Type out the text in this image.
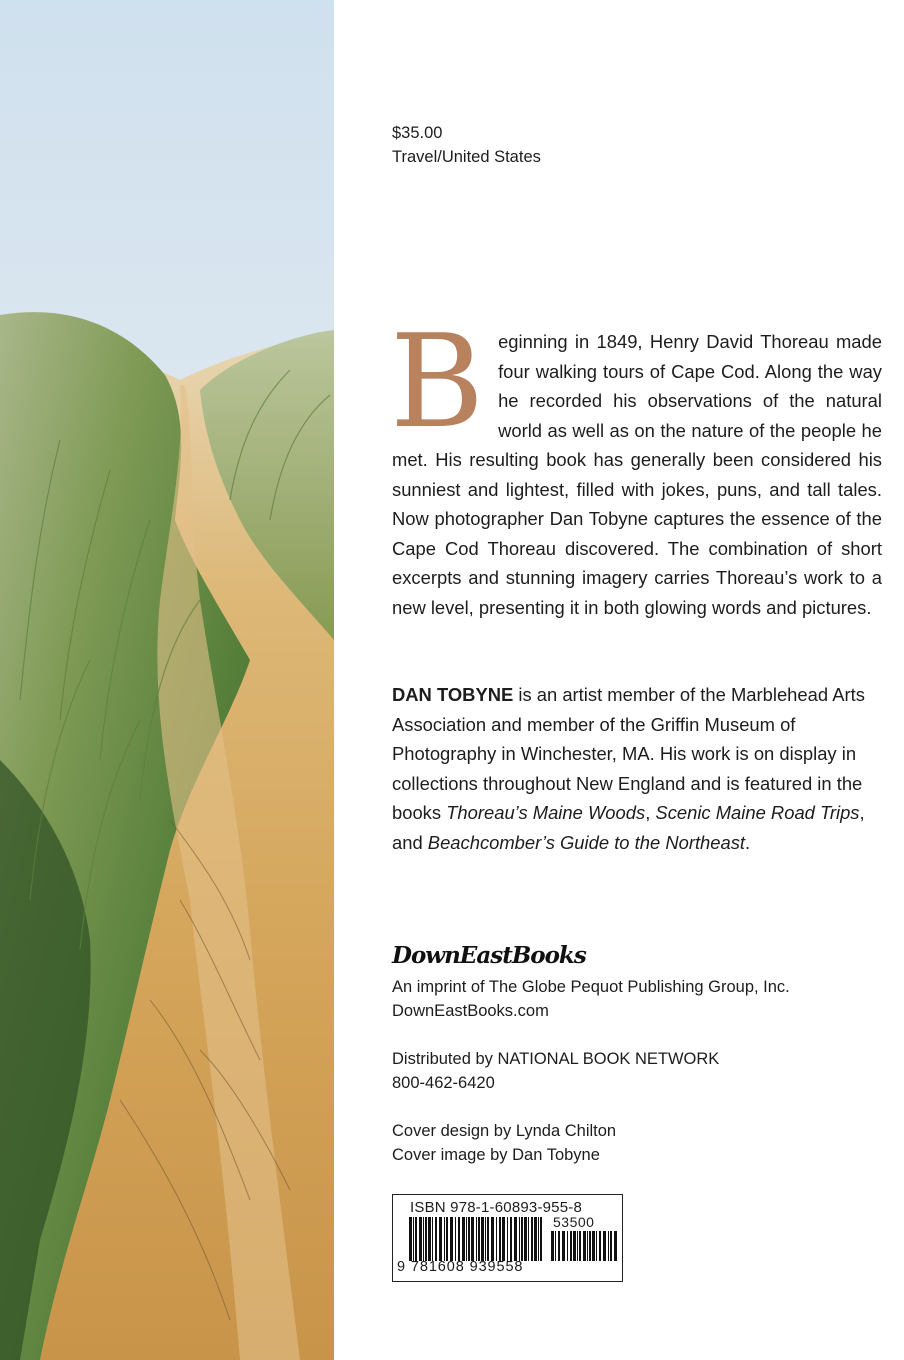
$35.00
Travel/United States
Beginning in 1849, Henry David Thoreau made four walking tours of Cape Cod. Along the way he recorded his observations of the natural world as well as on the nature of the people he met. His resulting book has generally been considered his sunniest and lightest, filled with jokes, puns, and tall tales. Now photographer Dan Tobyne captures the essence of the Cape Cod Thoreau discovered. The combination of short excerpts and stunning imagery carries Thoreau’s work to a new level, presenting it in both glowing words and pictures.
DAN TOBYNE is an artist member of the Marblehead Arts Association and member of the Griffin Museum of Photography in Winchester, MA. His work is on display in collections throughout New England and is featured in the books Thoreau’s Maine Woods, Scenic Maine Road Trips, and Beachcomber’s Guide to the Northeast.
DownEastBooks
An imprint of The Globe Pequot Publishing Group, Inc.
DownEastBooks.com
Distributed by NATIONAL BOOK NETWORK
800-462-6420
Cover design by Lynda Chilton
Cover image by Dan Tobyne
ISBN 978-1-60893-955-8
53500
9 781608 939558
